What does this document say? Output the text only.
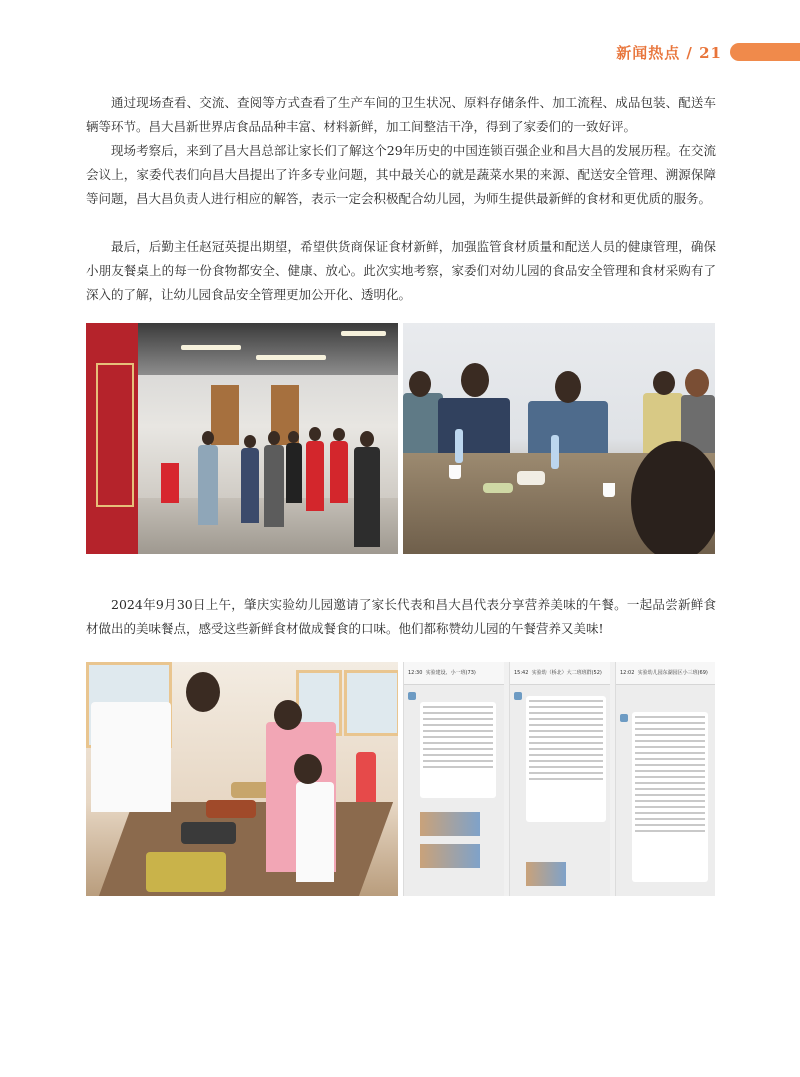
新闻热点 / 21

通过现场查看、交流、查阅等方式查看了生产车间的卫生状况、原料存储条件、加工流程、成品包装、配送车辆等环节。昌大昌新世界店食品品种丰富、材料新鲜，加工间整洁干净，得到了家委们的一致好评。

现场考察后，来到了昌大昌总部让家长们了解这个29年历史的中国连锁百强企业和昌大昌的发展历程。在交流会议上，家委代表们向昌大昌提出了许多专业问题，其中最关心的就是蔬菜水果的来源、配送安全管理、溯源保障等问题，昌大昌负责人进行相应的解答，表示一定会积极配合幼儿园，为师生提供最新鲜的食材和更优质的服务。

最后，后勤主任赵冠英提出期望，希望供货商保证食材新鲜，加强监管食材质量和配送人员的健康管理，确保小朋友餐桌上的每一份食物都安全、健康、放心。此次实地考察，家委们对幼儿园的食品安全管理和食材采购有了深入的了解，让幼儿园食品安全管理更加公开化、透明化。

2024年9月30日上午，肇庆实验幼儿园邀请了家长代表和昌大昌代表分享营养美味的午餐。一起品尝新鲜食材做出的美味餐点，感受这些新鲜食材做成餐食的口味。他们都称赞幼儿园的午餐营养又美味!

12:30 实验建设、小一班(73)	15:42 实验幼（桥北）大二班班群(52)	12:02 实验幼儿园东湖园区小三班(69)
